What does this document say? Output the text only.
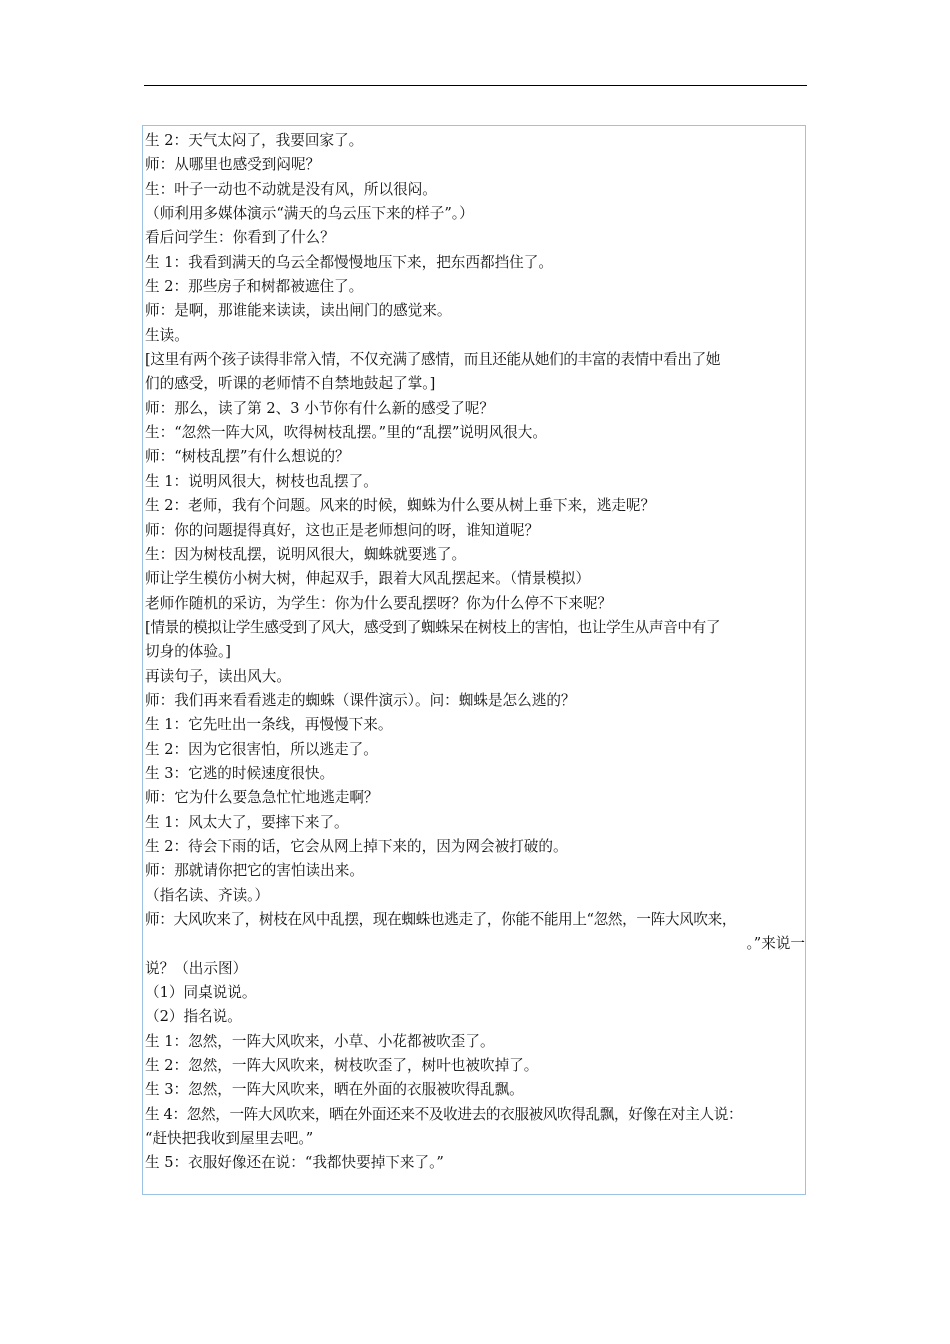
生 2：天气太闷了，我要回家了。
师：从哪里也感受到闷呢？
生：叶子一动也不动就是没有风，所以很闷。
（师利用多媒体演示“满天的乌云压下来的样子”。）
看后问学生：你看到了什么？
生 1：我看到满天的乌云全都慢慢地压下来，把东西都挡住了。
生 2：那些房子和树都被遮住了。
师：是啊，那谁能来读读，读出闸门的感觉来。
生读。
[这里有两个孩子读得非常入情，不仅充满了感情，而且还能从她们的丰富的表情中看出了她
们的感受，听课的老师情不自禁地鼓起了掌。]
师：那么，读了第 2、3 小节你有什么新的感受了呢？
生：“忽然一阵大风，吹得树枝乱摆。”里的“乱摆”说明风很大。
师：“树枝乱摆”有什么想说的？
生 1：说明风很大，树枝也乱摆了。
生 2：老师，我有个问题。风来的时候，蜘蛛为什么要从树上垂下来，逃走呢？
师：你的问题提得真好，这也正是老师想问的呀，谁知道呢？
生：因为树枝乱摆，说明风很大，蜘蛛就要逃了。
师让学生模仿小树大树，伸起双手，跟着大风乱摆起来。（情景模拟）
老师作随机的采访，为学生：你为什么要乱摆呀？你为什么停不下来呢？
[情景的模拟让学生感受到了风大，感受到了蜘蛛呆在树枝上的害怕，也让学生从声音中有了
切身的体验。]
再读句子，读出风大。
师：我们再来看看逃走的蜘蛛（课件演示）。问：蜘蛛是怎么逃的？
生 1：它先吐出一条线，再慢慢下来。
生 2：因为它很害怕，所以逃走了。
生 3：它逃的时候速度很快。
师：它为什么要急急忙忙地逃走啊？
生 1：风太大了，要摔下来了。
生 2：待会下雨的话，它会从网上掉下来的，因为网会被打破的。
师：那就请你把它的害怕读出来。
（指名读、齐读。）
师：大风吹来了，树枝在风中乱摆，现在蜘蛛也逃走了，你能不能用上“忽然，一阵大风吹来，
。”来说一
说？（出示图）
（1）同桌说说。
（2）指名说。
生 1：忽然，一阵大风吹来，小草、小花都被吹歪了。
生 2：忽然，一阵大风吹来，树枝吹歪了，树叶也被吹掉了。
生 3：忽然，一阵大风吹来，晒在外面的衣服被吹得乱飘。
生 4：忽然，一阵大风吹来，晒在外面还来不及收进去的衣服被风吹得乱飘，好像在对主人说：
“赶快把我收到屋里去吧。”
生 5：衣服好像还在说：“我都快要掉下来了。”
